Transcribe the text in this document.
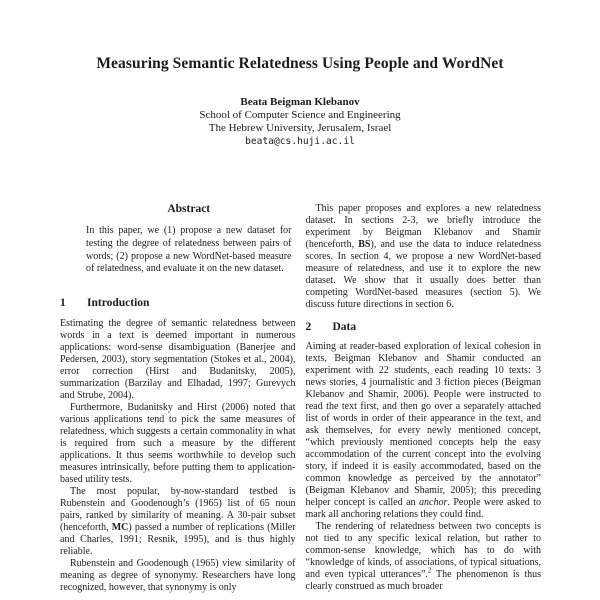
Measuring Semantic Relatedness Using People and WordNet
Beata Beigman Klebanov
School of Computer Science and Engineering
The Hebrew University, Jerusalem, Israel
beata@cs.huji.ac.il
Abstract

In this paper, we (1) propose a new dataset for testing the degree of relatedness between pairs of words; (2) propose a new WordNet-based measure of relatedness, and evaluate it on the new dataset.

1 Introduction

Estimating the degree of semantic relatedness between words in a text is deemed important in numerous applications: word-sense disambiguation (Banerjee and Pedersen, 2003), story segmentation (Stokes et al., 2004), error correction (Hirst and Budanitsky, 2005), summarization (Barzilay and Elhadad, 1997; Gurevych and Strube, 2004).

Furthermore, Budanitsky and Hirst (2006) noted that various applications tend to pick the same measures of relatedness, which suggests a certain commonality in what is required from such a measure by the different applications. It thus seems worthwhile to develop such measures intrinsically, before putting them to application-based utility tests.

The most popular, by-now-standard testbed is Rubenstein and Goodenough’s (1965) list of 65 noun pairs, ranked by similarity of meaning. A 30-pair subset (henceforth, MC) passed a number of replications (Miller and Charles, 1991; Resnik, 1995), and is thus highly reliable.

Rubenstein and Goodenough (1965) view similarity of meaning as degree of synonymy. Researchers have long recognized, however, that synonymy is only

This paper proposes and explores a new relatedness dataset. In sections 2-3, we briefly introduce the experiment by Beigman Klebanov and Shamir (henceforth, BS), and use the data to induce relatedness scores. In section 4, we propose a new WordNet-based measure of relatedness, and use it to explore the new dataset. We show that it usually does better than competing WordNet-based measures (section 5). We discuss future directions in section 6.

2 Data

Aiming at reader-based exploration of lexical cohesion in texts, Beigman Klebanov and Shamir conducted an experiment with 22 students, each reading 10 texts: 3 news stories, 4 journalistic and 3 fiction pieces (Beigman Klebanov and Shamir, 2006). People were instructed to read the text first, and then go over a separately attached list of words in order of their appearance in the text, and ask themselves, for every newly mentioned concept, “which previously mentioned concepts help the easy accommodation of the current concept into the evolving story, if indeed it is easily accommodated, based on the common knowledge as perceived by the annotator” (Beigman Klebanov and Shamir, 2005); this preceding helper concept is called an anchor. People were asked to mark all anchoring relations they could find.

The rendering of relatedness between two concepts is not tied to any specific lexical relation, but rather to common-sense knowledge, which has to do with “knowledge of kinds, of associations, of typical situations, and even typical utterances”.$^2$ The phenomenon is thus clearly construed as much broader
